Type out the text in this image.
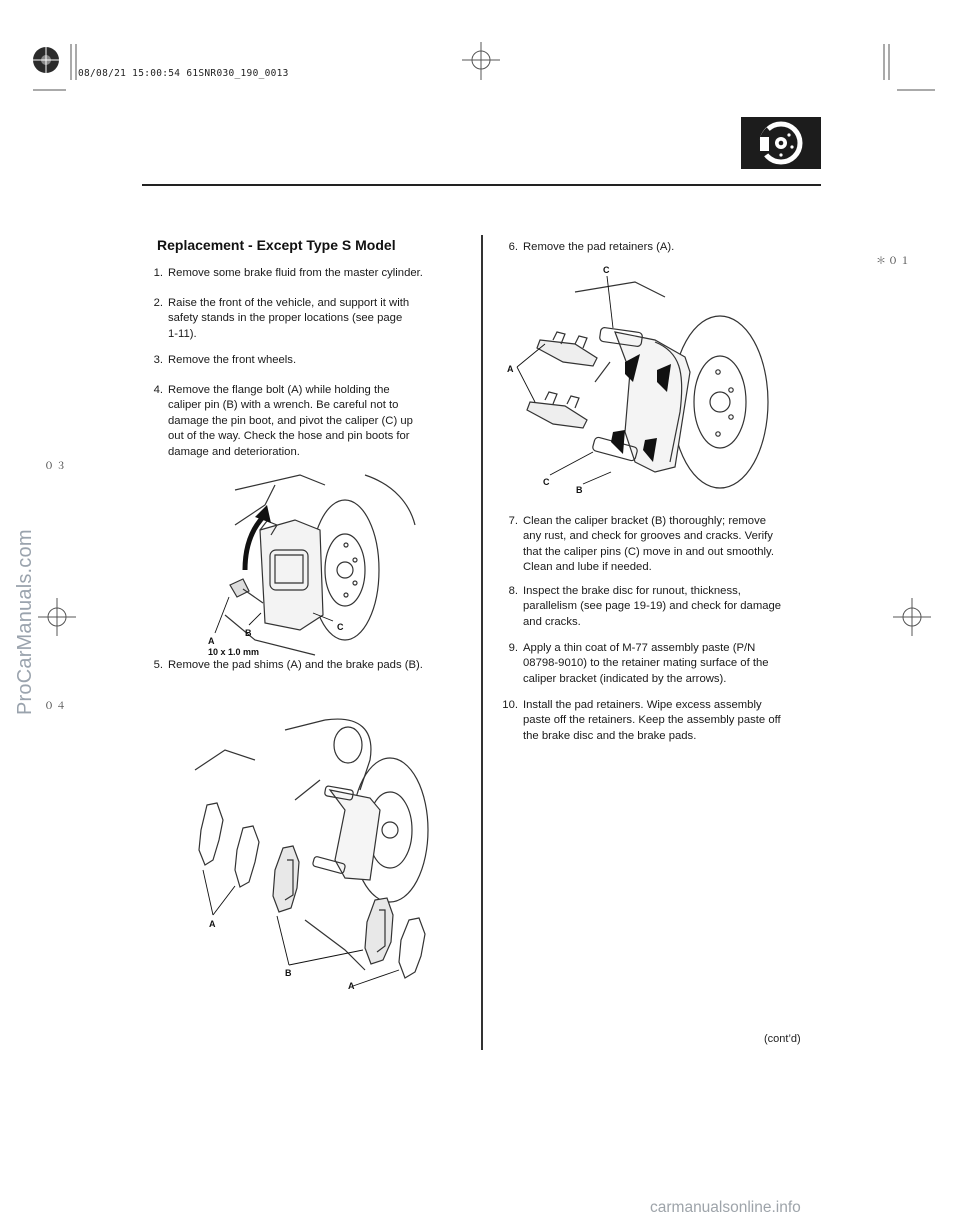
08/08/21 15:00:54 61SNR030_190_0013
＊０１
０３
０４
Replacement - Except Type S Model
1. Remove some brake fluid from the master cylinder.
2. Raise the front of the vehicle, and support it with
safety stands in the proper locations (see page
1-11).
3. Remove the front wheels.
4. Remove the flange bolt (A) while holding the
caliper pin (B) with a wrench. Be careful not to
damage the pin boot, and pivot the caliper (C) up
out of the way. Check the hose and pin boots for
damage and deterioration.
5. Remove the pad shims (A) and the brake pads (B).
6. Remove the pad retainers (A).
7. Clean the caliper bracket (B) thoroughly; remove
any rust, and check for grooves and cracks. Verify
that the caliper pins (C) move in and out smoothly.
Clean and lube if needed.
8. Inspect the brake disc for runout, thickness,
parallelism (see page 19-19) and check for damage
and cracks.
9. Apply a thin coat of M-77 assembly paste (P/N
08798-9010) to the retainer mating surface of the
caliper bracket (indicated by the arrows).
10. Install the pad retainers. Wipe excess assembly
paste off the retainers. Keep the assembly paste off
the brake disc and the brake pads.
A
B
C
10 x 1.0 mm
A
B
A
C
A
C
B
(cont’d)
ProCarManuals.com
carmanualsonline.info
